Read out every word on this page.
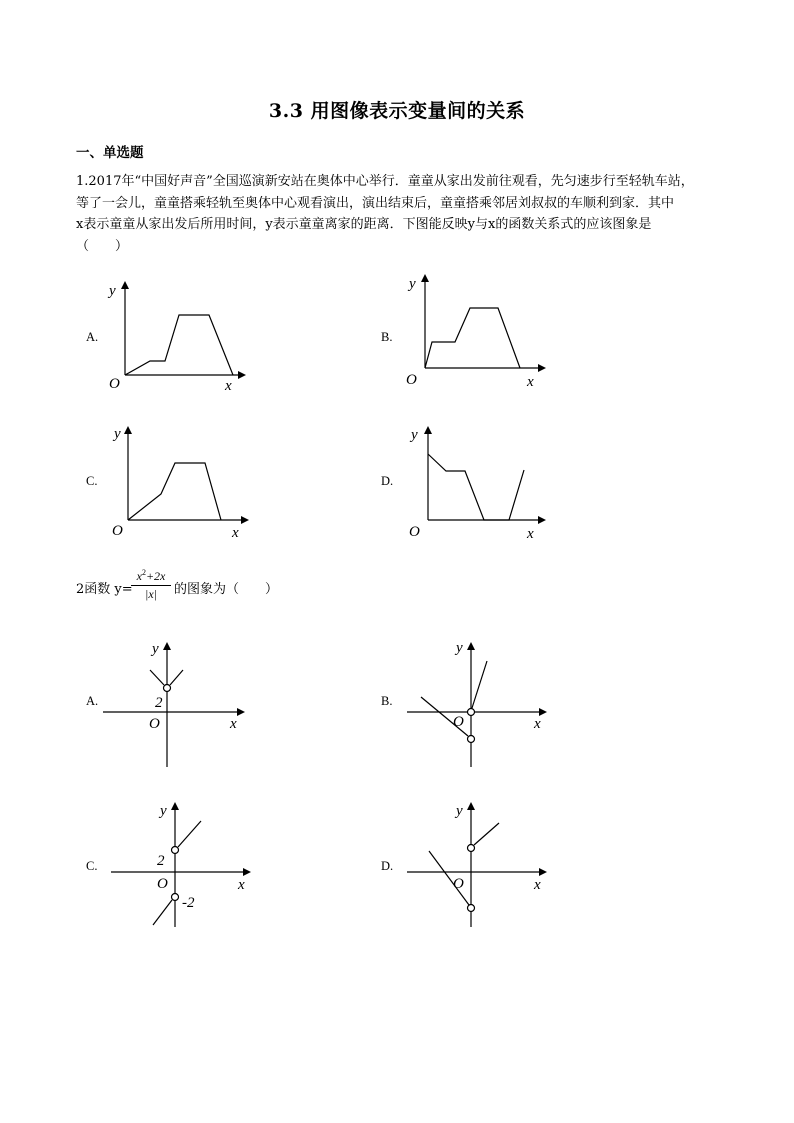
3.3 用图像表示变量间的关系
一、单选题

1.2017年“中国好声音”全国巡演新安站在奥体中心举行．童童从家出发前往观看，先匀速步行至轻轨车站，

等了一会儿，童童搭乘轻轨至奥体中心观看演出，演出结束后，童童搭乘邻居刘叔叔的车顺利到家．其中

x表示童童从家出发后所用时间，y表示童童离家的距离．下图能反映y与x的函数关系式的应该图象是

（　　）

A.	B.
C.	D.
y
O	x
y
O	x
y
O	x
y
O	x
2函数 y=
$\frac{x^2+2x}{|x|}$ 的图象为（　　）
A.	B.
C.	D.
y
2
O	x
y
O	x
y
2
O
-2
x
y
O	x
